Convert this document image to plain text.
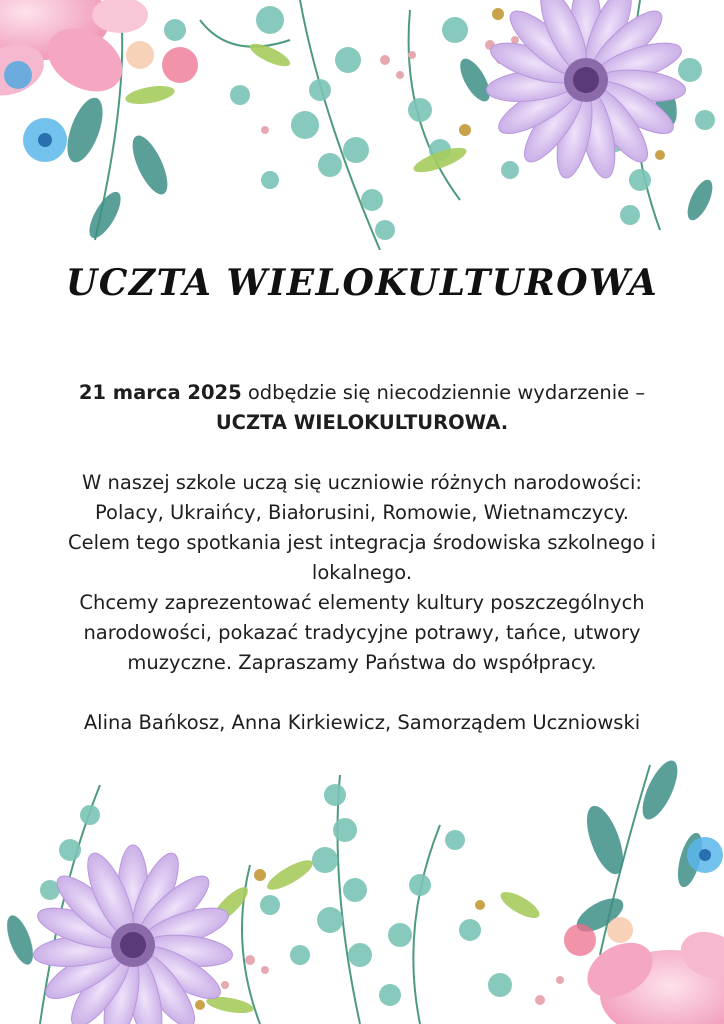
UCZTA WIELOKULTUROWA

21 marca 2025 odbędzie się niecodziennie wydarzenie –

UCZTA WIELOKULTUROWA.

W naszej szkole uczą się uczniowie różnych narodowości:

Polacy, Ukraińcy, Białorusini, Romowie, Wietnamczycy.

Celem tego spotkania jest integracja środowiska szkolnego i

lokalnego.

Chcemy zaprezentować elementy kultury poszczególnych

narodowości, pokazać tradycyjne potrawy, tańce, utwory

muzyczne. Zapraszamy Państwa do współpracy.

Alina Bańkosz, Anna Kirkiewicz, Samorządem Uczniowski
